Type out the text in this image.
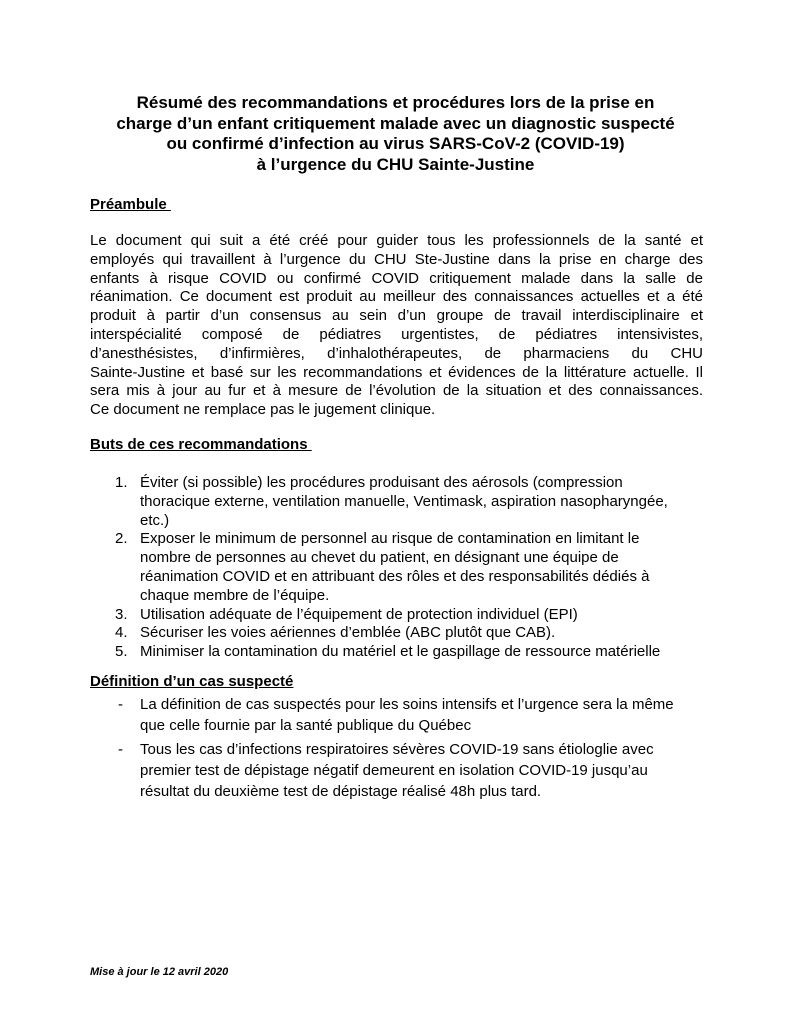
Résumé des recommandations et procédures lors de la prise en
charge d’un enfant critiquement malade avec un diagnostic suspecté
ou confirmé d’infection au virus SARS-CoV-2 (COVID-19)
à l’urgence du CHU Sainte-Justine
Préambule
Le document qui suit a été créé pour guider tous les professionnels de la santé et
employés qui travaillent à l’urgence du CHU Ste-Justine dans la prise en charge des
enfants à risque COVID ou confirmé COVID critiquement malade dans la salle de
réanimation. Ce document est produit au meilleur des connaissances actuelles et a été
produit à partir d’un consensus au sein d’un groupe de travail interdisciplinaire et
interspécialité composé de pédiatres urgentistes, de pédiatres intensivistes,
d’anesthésistes, d’infirmières, d’inhalothérapeutes, de pharmaciens du CHU
Sainte-Justine et basé sur les recommandations et évidences de la littérature actuelle. Il
sera mis à jour au fur et à mesure de l’évolution de la situation et des connaissances.
Ce document ne remplace pas le jugement clinique.
Buts de ces recommandations
1. Éviter (si possible) les procédures produisant des aérosols (compression
thoracique externe, ventilation manuelle, Ventimask, aspiration nasopharyngée,
etc.)
2. Exposer le minimum de personnel au risque de contamination en limitant le
nombre de personnes au chevet du patient, en désignant une équipe de
réanimation COVID et en attribuant des rôles et des responsabilités dédiés à
chaque membre de l’équipe.
3. Utilisation adéquate de l’équipement de protection individuel (EPI)
4. Sécuriser les voies aériennes d’emblée (ABC plutôt que CAB).
5. Minimiser la contamination du matériel et le gaspillage de ressource matérielle
Définition d’un cas suspecté
- La définition de cas suspectés pour les soins intensifs et l’urgence sera la même
que celle fournie par la santé publique du Québec
- Tous les cas d’infections respiratoires sévères COVID-19 sans étiologlie avec
premier test de dépistage négatif demeurent en isolation COVID-19 jusqu’au
résultat du deuxième test de dépistage réalisé 48h plus tard.
Mise à jour le 12 avril 2020
